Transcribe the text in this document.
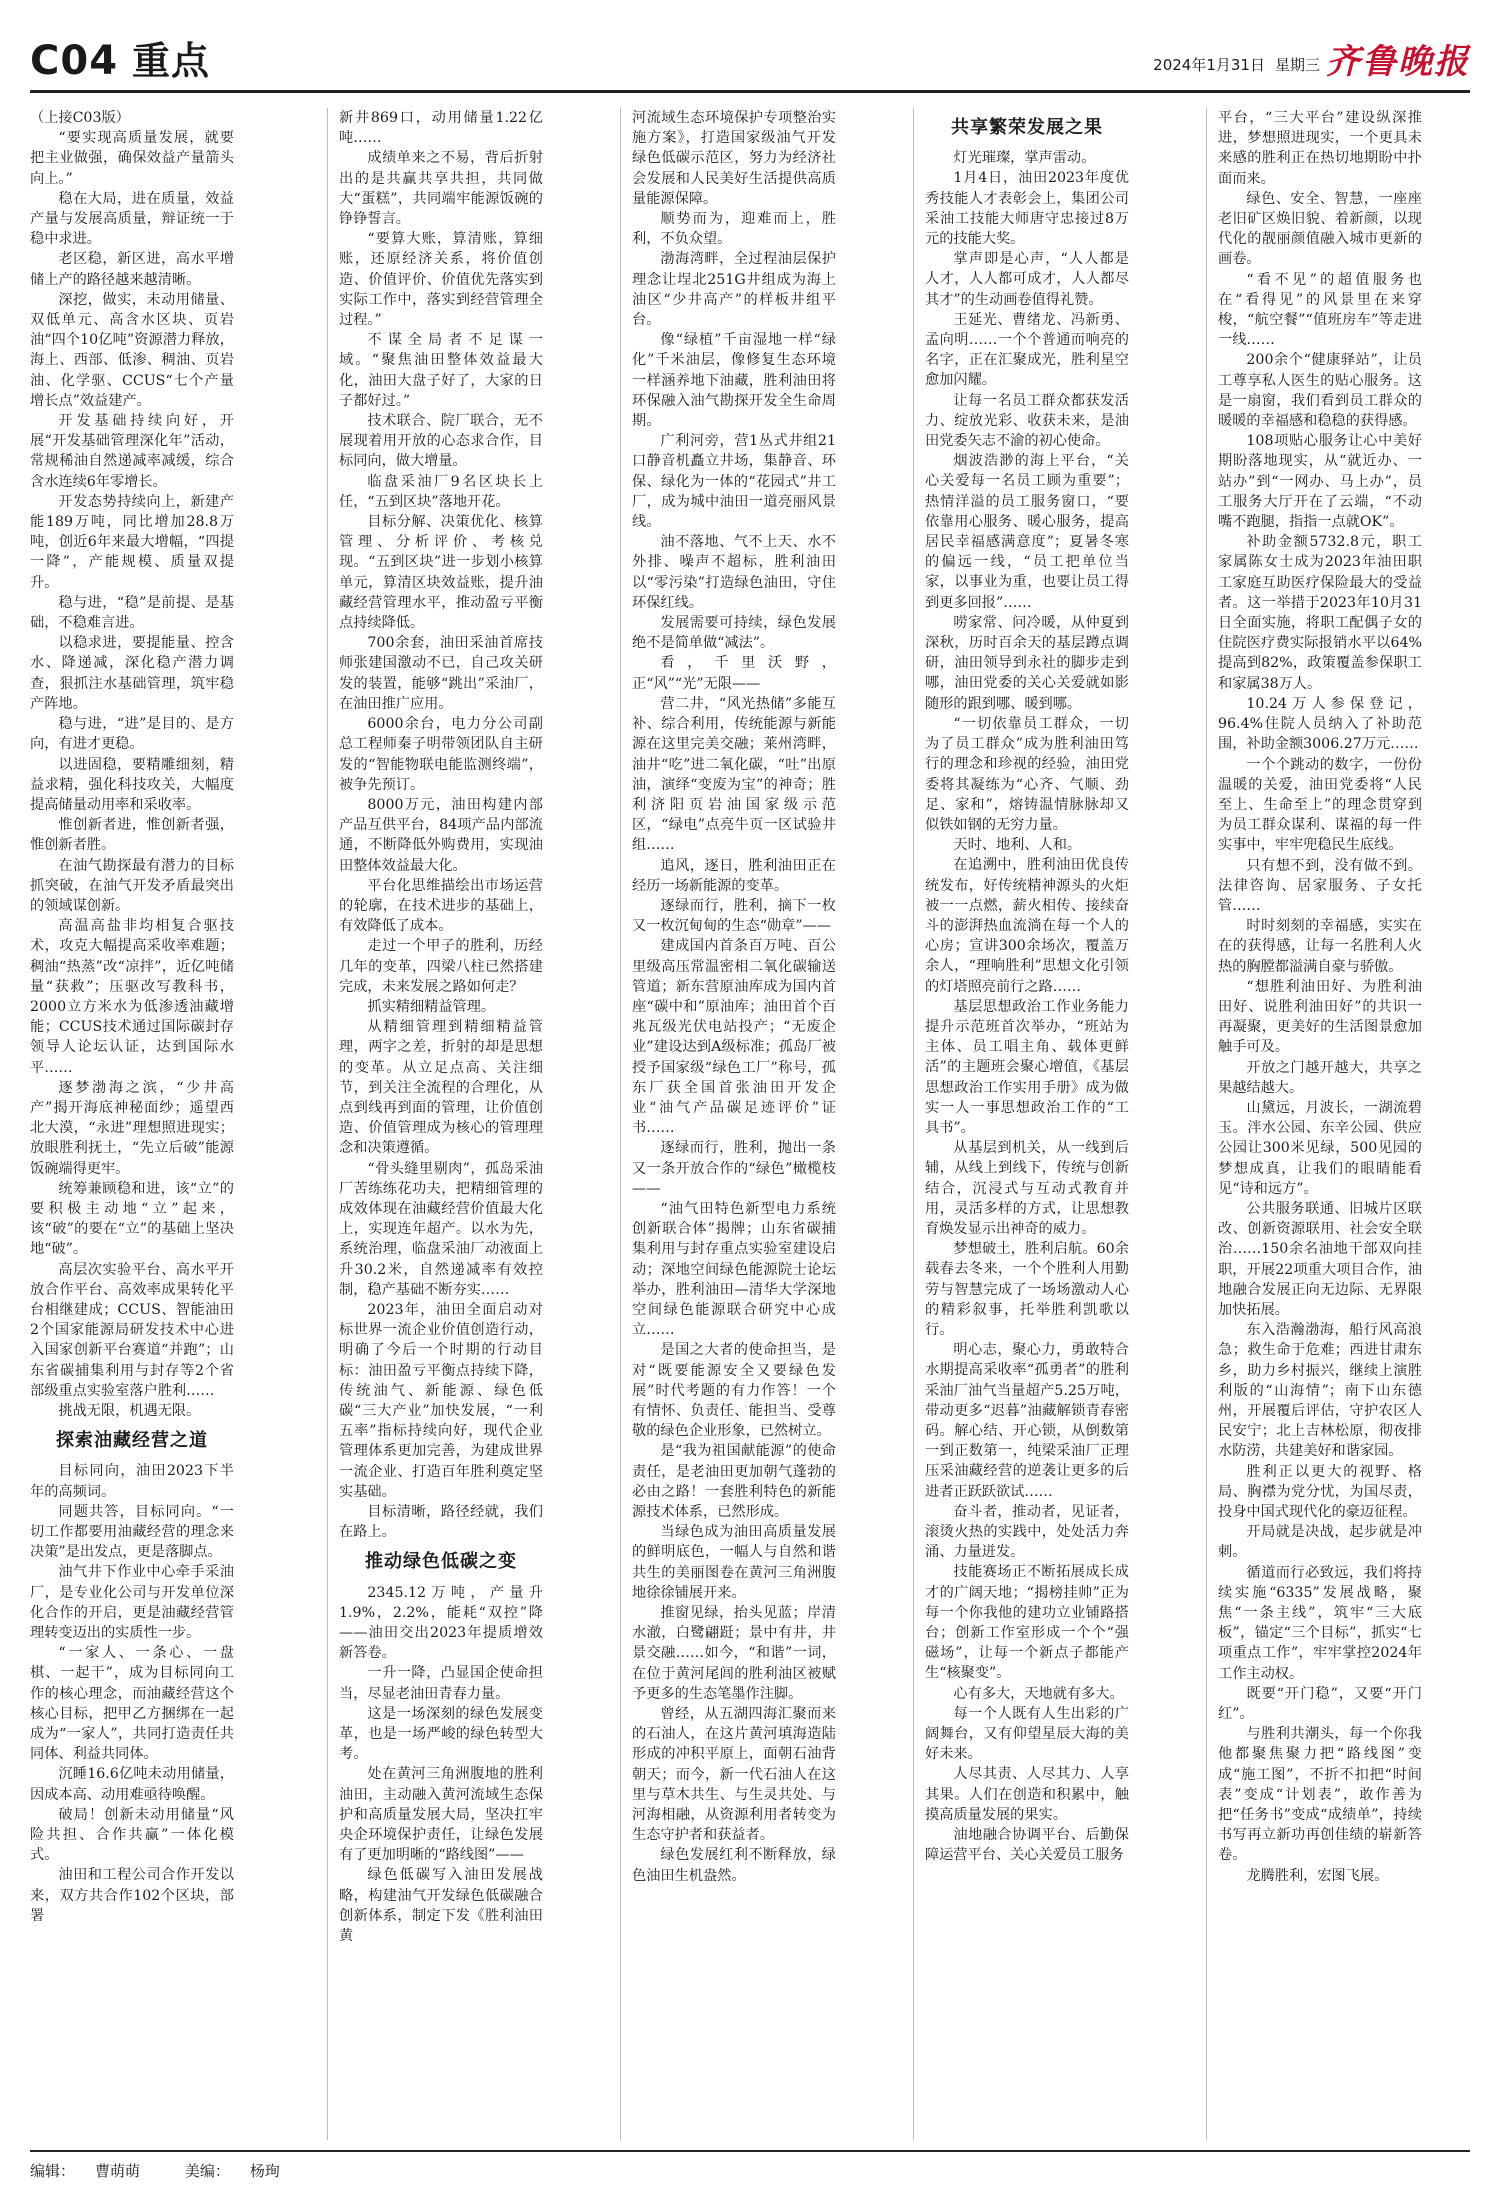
C04 重点	2024年1月31日 星期三 齐鲁晚报

（上接C03版）

“要实现高质量发展，就要把主业做强，确保效益产量箭头向上。”

稳在大局，进在质量，效益产量与发展高质量，辩证统一于稳中求进。

老区稳，新区进，高水平增储上产的路径越来越清晰。

深挖，做实，未动用储量、双低单元、高含水区块、页岩油“四个10亿吨”资源潜力释放，海上、西部、低渗、稠油、页岩油、化学驱、CCUS“七个产量增长点”效益建产。

开发基础持续向好，开展“开发基础管理深化年”活动，常规稀油自然递减率减缓，综合含水连续6年零增长。

开发态势持续向上，新建产能189万吨，同比增加28.8万吨，创近6年来最大增幅，“四提一降”，产能规模、质量双提升。

稳与进，“稳”是前提、是基础，不稳难言进。

以稳求进，要提能量、控含水、降递减，深化稳产潜力调查，狠抓注水基础管理，筑牢稳产阵地。

稳与进，“进”是目的、是方向，有进才更稳。

以进固稳，要精雕细刻，精益求精，强化科技攻关，大幅度提高储量动用率和采收率。

惟创新者进，惟创新者强，惟创新者胜。

在油气勘探最有潜力的目标抓突破，在油气开发矛盾最突出的领域谋创新。

高温高盐非均相复合驱技术，攻克大幅提高采收率难题；稠油“热蒸”改“凉拌”，近亿吨储量“获救”；压驱改写教科书，2000立方米水为低渗透油藏增能；CCUS技术通过国际碳封存领导人论坛认证，达到国际水平……

逐梦渤海之滨，“少井高产”揭开海底神秘面纱；遥望西北大漠，“永进”理想照进现实；放眼胜利抚土，“先立后破”能源饭碗端得更牢。

统筹兼顾稳和进，该“立”的要积极主动地“立”起来，该“破”的要在“立”的基础上坚决地“破”。

高层次实验平台、高水平开放合作平台、高效率成果转化平台相继建成；CCUS、智能油田2个国家能源局研发技术中心进入国家创新平台赛道“并跑”；山东省碳捕集利用与封存等2个省部级重点实验室落户胜利……

挑战无限，机遇无限。

探索油藏经营之道

目标同向，油田2023下半年的高频词。

同题共答，目标同向。“一切工作都要用油藏经营的理念来决策”是出发点，更是落脚点。

油气井下作业中心牵手采油厂，是专业化公司与开发单位深化合作的开启，更是油藏经营管理转变迈出的实质性一步。

“一家人、一条心、一盘棋、一起干”，成为目标同向工作的核心理念，而油藏经营这个核心目标，把甲乙方捆绑在一起成为“一家人”，共同打造责任共同体、利益共同体。

沉睡16.6亿吨未动用储量，因成本高、动用难亟待唤醒。

破局！创新未动用储量“风险共担、合作共赢”一体化模式。

油田和工程公司合作开发以来，双方共合作102个区块，部署

新井869口，动用储量1.22亿吨……

成绩单来之不易，背后折射出的是共赢共享共担，共同做大“蛋糕”，共同端牢能源饭碗的铮铮誓言。

“要算大账，算清账，算细账，还原经济关系，将价值创造、价值评价、价值优先落实到实际工作中，落实到经营管理全过程。”

不谋全局者不足谋一域。“聚焦油田整体效益最大化，油田大盘子好了，大家的日子都好过。”

技术联合、院厂联合，无不展现着用开放的心态求合作，目标同向，做大增量。

临盘采油厂9名区块长上任，“五到区块”落地开花。

目标分解、决策优化、核算管理、分析评价、考核兑现。“五到区块”进一步划小核算单元，算清区块效益账，提升油藏经营管理水平，推动盈亏平衡点持续降低。

700余套，油田采油首席技师张建国激动不已，自己攻关研发的装置，能够“跳出”采油厂，在油田推广应用。

6000余台，电力分公司副总工程师秦子明带领团队自主研发的“智能物联电能监测终端”，被争先预订。

8000万元，油田构建内部产品互供平台，84项产品内部流通，不断降低外购费用，实现油田整体效益最大化。

平台化思维描绘出市场运营的轮廓，在技术进步的基础上，有效降低了成本。

走过一个甲子的胜利，历经几年的变革，四梁八柱已然搭建完成，未来发展之路如何走？

抓实精细精益管理。

从精细管理到精细精益管理，两字之差，折射的却是思想的变革。从立足点高、关注细节，到关注全流程的合理化，从点到线再到面的管理，让价值创造、价值管理成为核心的管理理念和决策遵循。

“骨头缝里剔肉”，孤岛采油厂苦练练花功夫，把精细管理的成效体现在油藏经营价值最大化上，实现连年超产。以水为先，系统治理，临盘采油厂动液面上升30.2米，自然递减率有效控制，稳产基础不断夯实……

2023年，油田全面启动对标世界一流企业价值创造行动，明确了今后一个时期的行动目标：油田盈亏平衡点持续下降，传统油气、新能源、绿色低碳“三大产业”加快发展，“一利五率”指标持续向好，现代企业管理体系更加完善，为建成世界一流企业、打造百年胜利奠定坚实基础。

目标清晰，路径经就，我们在路上。

推动绿色低碳之变

2345.12万吨，产量升1.9%，2.2%，能耗“双控”降——油田交出2023年提质增效新答卷。

一升一降，凸显国企使命担当，尽显老油田青春力量。

这是一场深刻的绿色发展变革，也是一场严峻的绿色转型大考。

处在黄河三角洲腹地的胜利油田，主动融入黄河流域生态保护和高质量发展大局，坚决扛牢央企环境保护责任，让绿色发展有了更加明晰的“路线图”——

绿色低碳写入油田发展战略，构建油气开发绿色低碳融合创新体系，制定下发《胜利油田黄

河流域生态环境保护专项整治实施方案》，打造国家级油气开发绿色低碳示范区，努力为经济社会发展和人民美好生活提供高质量能源保障。

顺势而为，迎难而上，胜利，不负众望。

渤海湾畔，全过程油层保护理念让埕北251G井组成为海上油区“少井高产”的样板井组平台。

像“绿植”千亩湿地一样“绿化”千米油层，像修复生态环境一样涵养地下油藏，胜利油田将环保融入油气勘探开发全生命周期。

广利河旁，营1丛式井组21口静音机矗立井场，集静音、环保、绿化为一体的“花园式”井工厂，成为城中油田一道亮丽风景线。

油不落地、气不上天、水不外排、噪声不超标，胜利油田以“零污染”打造绿色油田，守住环保红线。

发展需要可持续，绿色发展绝不是简单做“减法”。

看，千里沃野，正“风”“光”无限——

营二井，“风光热储”多能互补、综合利用，传统能源与新能源在这里完美交融；莱州湾畔，油井“吃”进二氧化碳，“吐”出原油，演绎“变废为宝”的神奇；胜利济阳页岩油国家级示范区，“绿电”点亮牛页一区试验井组……

追风，逐日，胜利油田正在经历一场新能源的变革。

逐绿而行，胜利，摘下一枚又一枚沉甸甸的生态“勋章”——

建成国内首条百万吨、百公里级高压常温密相二氧化碳输送管道；新东营原油库成为国内首座“碳中和”原油库；油田首个百兆瓦级光伏电站投产；“无废企业”建设达到A级标准；孤岛厂被授予国家级“绿色工厂”称号，孤东厂获全国首张油田开发企业“油气产品碳足迹评价”证书……

逐绿而行，胜利，抛出一条又一条开放合作的“绿色”橄榄枝——

“油气田特色新型电力系统创新联合体”揭牌；山东省碳捕集利用与封存重点实验室建设启动；深地空间绿色能源院士论坛举办，胜利油田—清华大学深地空间绿色能源联合研究中心成立……

是国之大者的使命担当，是对“既要能源安全又要绿色发展”时代考题的有力作答！一个有情怀、负责任、能担当、受尊敬的绿色企业形象，已然树立。

是“我为祖国献能源”的使命责任，是老油田更加朝气蓬勃的必由之路！一套胜利特色的新能源技术体系，已然形成。

当绿色成为油田高质量发展的鲜明底色，一幅人与自然和谐共生的美丽图卷在黄河三角洲腹地徐徐铺展开来。

推窗见绿，抬头见蓝；岸清水澈，白鹭翩跹；景中有井，井景交融……如今，“和谐”一词，在位于黄河尾闾的胜利油区被赋予更多的生态笔墨作注脚。

曾经，从五湖四海汇聚而来的石油人，在这片黄河填海造陆形成的冲积平原上，面朝石油背朝天；而今，新一代石油人在这里与草木共生、与生灵共处、与河海相融，从资源利用者转变为生态守护者和获益者。

绿色发展红利不断释放，绿色油田生机盎然。

共享繁荣发展之果

灯光璀璨，掌声雷动。

1月4日，油田2023年度优秀技能人才表彰会上，集团公司采油工技能大师唐守忠接过8万元的技能大奖。

掌声即是心声，“人人都是人才，人人都可成才，人人都尽其才”的生动画卷值得礼赞。

王延光、曹绪龙、冯新勇、孟向明……一个个普通而响亮的名字，正在汇聚成光，胜利星空愈加闪耀。

让每一名员工群众都获发活力、绽放光彩、收获未来，是油田党委矢志不渝的初心使命。

烟波浩渺的海上平台，“关心关爱每一名员工顾为重要”；热情洋溢的员工服务窗口，“要依靠用心服务、暖心服务，提高居民幸福感满意度”；夏暑冬寒的偏远一线，“员工把单位当家，以事业为重，也要让员工得到更多回报”……

唠家常、问冷暖，从仲夏到深秋，历时百余天的基层蹲点调研，油田领导到永社的脚步走到哪，油田党委的关心关爱就如影随形的跟到哪、暖到哪。

“一切依靠员工群众，一切为了员工群众”成为胜利油田笃行的理念和珍视的经验，油田党委将其凝练为“心齐、气顺、劲足、家和”，熔铸温情脉脉却又似铁如钢的无穷力量。

天时、地利、人和。

在追溯中，胜利油田优良传统发布，好传统精神源头的火炬被一一点燃，薪火相传、接续奋斗的澎湃热血流淌在每一个人的心房；宣讲300余场次，覆盖万余人，“理响胜利”思想文化引领的灯塔照亮前行之路……

基层思想政治工作业务能力提升示范班首次举办，“班站为主体、员工唱主角、载体更鲜活”的主题班会聚心增值，《基层思想政治工作实用手册》成为做实一人一事思想政治工作的“工具书”。

从基层到机关，从一线到后辅，从线上到线下，传统与创新结合，沉浸式与互动式教育并用，灵活多样的方式，让思想教育焕发显示出神奇的威力。

梦想破土，胜利启航。60余载春去冬来，一个个胜利人用勤劳与智慧完成了一场场激动人心的精彩叙事，托举胜利凯歌以行。

明心志，聚心力，勇敢特合水期提高采收率“孤勇者”的胜利采油厂油气当量超产5.25万吨，带动更多“迟暮”油藏解锁青春密码。解心结、开心锁，从倒数第一到正数第一，纯梁采油厂正理压采油藏经营的逆袭让更多的后进者正跃跃欲试……

奋斗者，推动者，见证者，滚烫火热的实践中，处处活力奔涌、力量迸发。

技能赛场正不断拓展成长成才的广阔天地；“揭榜挂帅”正为每一个你我他的建功立业铺路搭台；创新工作室形成一个个“强磁场”，让每一个新点子都能产生“核聚变”。

心有多大，天地就有多大。

每一个人既有人生出彩的广阔舞台，又有仰望星辰大海的美好未来。

人尽其责、人尽其力、人享其果。人们在创造和积累中，触摸高质量发展的果实。

油地融合协调平台、后勤保障运营平台、关心关爱员工服务

平台，“三大平台”建设纵深推进，梦想照进现实，一个更具未来感的胜利正在热切地期盼中扑面而来。

绿色、安全、智慧，一座座老旧矿区焕旧貌、着新颜，以现代化的靓丽颜值融入城市更新的画卷。

“看不见”的超值服务也在“看得见”的风景里在来穿梭，“航空餐”“值班房车”等走进一线……

200余个“健康驿站”，让员工尊享私人医生的贴心服务。这是一扇窗，我们看到员工群众的暖暖的幸福感和稳稳的获得感。

108项贴心服务让心中美好期盼落地现实，从“就近办、一站办”到“一网办、马上办”，员工服务大厅开在了云端，“不动嘴不跑腿，指指一点就OK”。

补助金额5732.8元，职工家属陈女士成为2023年油田职工家庭互助医疗保险最大的受益者。这一举措于2023年10月31日全面实施，将职工配偶子女的住院医疗费实际报销水平以64%提高到82%，政策覆盖参保职工和家属38万人。

10.24万人参保登记，96.4%住院人员纳入了补助范围，补助金额3006.27万元……

一个个跳动的数字，一份份温暖的关爱，油田党委将“人民至上、生命至上”的理念贯穿到为员工群众谋利、谋福的每一件实事中，牢牢兜稳民生底线。

只有想不到，没有做不到。法律咨询、居家服务、子女托管……

时时刻刻的幸福感，实实在在的获得感，让每一名胜利人火热的胸膛都溢满自豪与骄傲。

“想胜利油田好、为胜利油田好、说胜利油田好”的共识一再凝聚，更美好的生活图景愈加触手可及。

开放之门越开越大，共享之果越结越大。

山黛远，月波长，一湖流碧玉。泮水公园、东辛公园、供应公园让300米见绿，500见园的梦想成真，让我们的眼睛能看见“诗和远方”。

公共服务联通、旧城片区联改、创新资源联用、社会安全联治……150余名油地干部双向挂职，开展22项重大项目合作，油地融合发展正向无边际、无界限加快拓展。

东入浩瀚渤海，船行风高浪急；救生命于危难；西进甘肃东乡，助力乡村振兴，继续上演胜利版的“山海情”；南下山东德州，开展覆后评估，守护农区人民安宁；北上吉林松原，彻夜排水防涝，共建美好和谐家园。

胜利正以更大的视野、格局、胸襟为党分忧，为国尽责，投身中国式现代化的豪迈征程。

开局就是决战，起步就是冲刺。

循道而行必致远，我们将持续实施“6335”发展战略，聚焦“一条主线”，筑牢“三大底板”，锚定“三个目标”，抓实“七项重点工作”，牢牢掌控2024年工作主动权。

既要“开门稳”，又要“开门红”。

与胜利共潮头，每一个你我他都聚焦聚力把“路线图”变成“施工图”，不折不扣把“时间表”变成“计划表”，敢作善为把“任务书”变成“成绩单”，持续书写再立新功再创佳绩的崭新答卷。

龙腾胜利，宏图飞展。

编辑： 曹萌萌	美编： 杨珣
